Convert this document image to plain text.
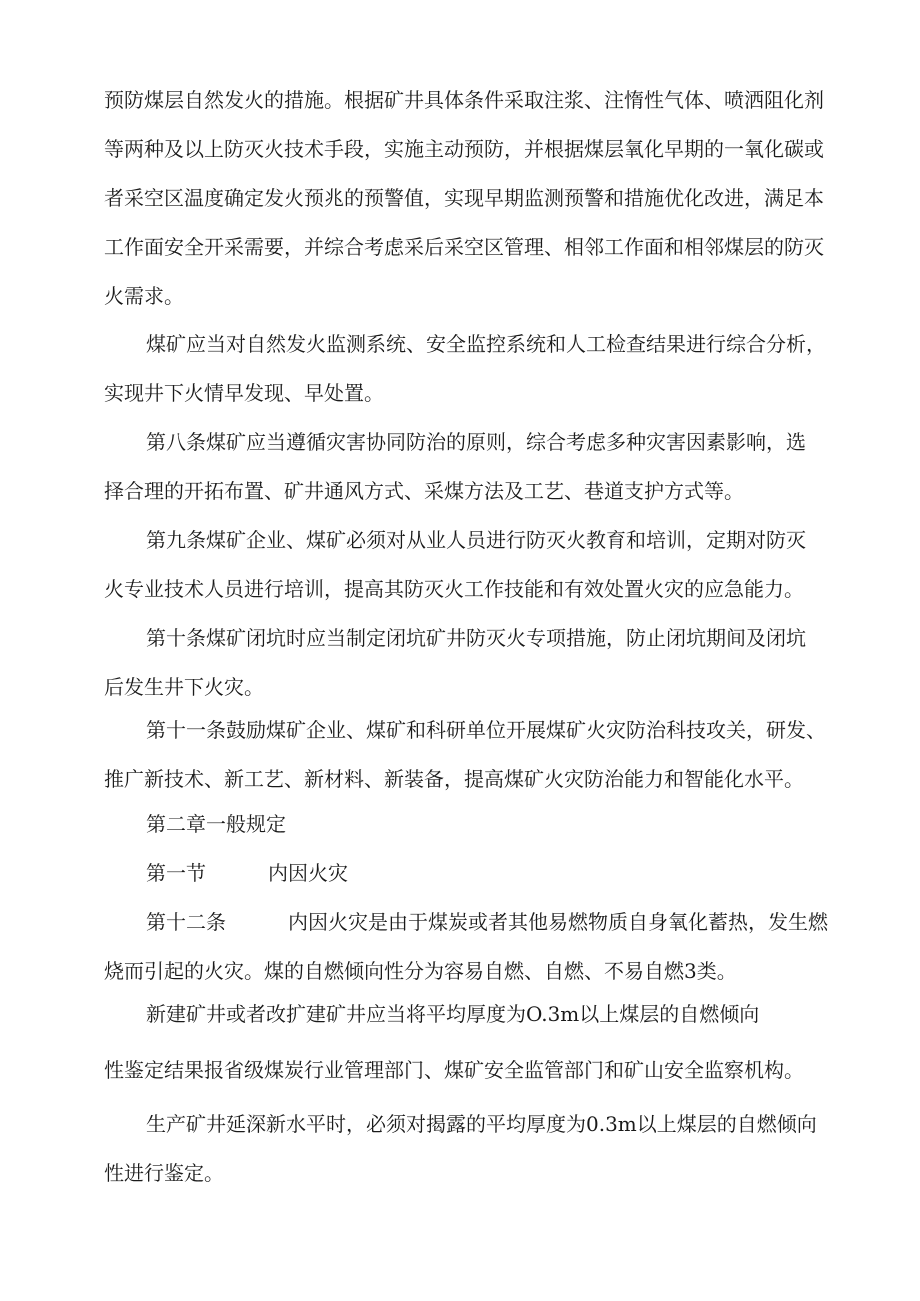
预防煤层自然发火的措施。根据矿井具体条件采取注浆、注惰性气体、喷洒阻化剂
等两种及以上防灭火技术手段，实施主动预防，并根据煤层氧化早期的一氧化碳或
者采空区温度确定发火预兆的预警值，实现早期监测预警和措施优化改进，满足本
工作面安全开采需要，并综合考虑采后采空区管理、相邻工作面和相邻煤层的防灭
火需求。
煤矿应当对自然发火监测系统、安全监控系统和人工检查结果进行综合分析，
实现井下火情早发现、早处置。
第八条煤矿应当遵循灾害协同防治的原则，综合考虑多种灾害因素影响，选
择合理的开拓布置、矿井通风方式、采煤方法及工艺、巷道支护方式等。
第九条煤矿企业、煤矿必须对从业人员进行防灭火教育和培训，定期对防灭
火专业技术人员进行培训，提高其防灭火工作技能和有效处置火灾的应急能力。
第十条煤矿闭坑时应当制定闭坑矿井防灭火专项措施，防止闭坑期间及闭坑
后发生井下火灾。
第十一条鼓励煤矿企业、煤矿和科研单位开展煤矿火灾防治科技攻关，研发、
推广新技术、新工艺、新材料、新装备，提高煤矿火灾防治能力和智能化水平。
第二章一般规定
第一节	内因火灾
第十二条	内因火灾是由于煤炭或者其他易燃物质自身氧化蓄热，发生燃
烧而引起的火灾。煤的自燃倾向性分为容易自燃、自燃、不易自燃3类。
新建矿井或者改扩建矿井应当将平均厚度为O.3m以上煤层的自燃倾向
性鉴定结果报省级煤炭行业管理部门、煤矿安全监管部门和矿山安全监察机构。
生产矿井延深新水平时，必须对揭露的平均厚度为0.3m以上煤层的自燃倾向
性进行鉴定。
